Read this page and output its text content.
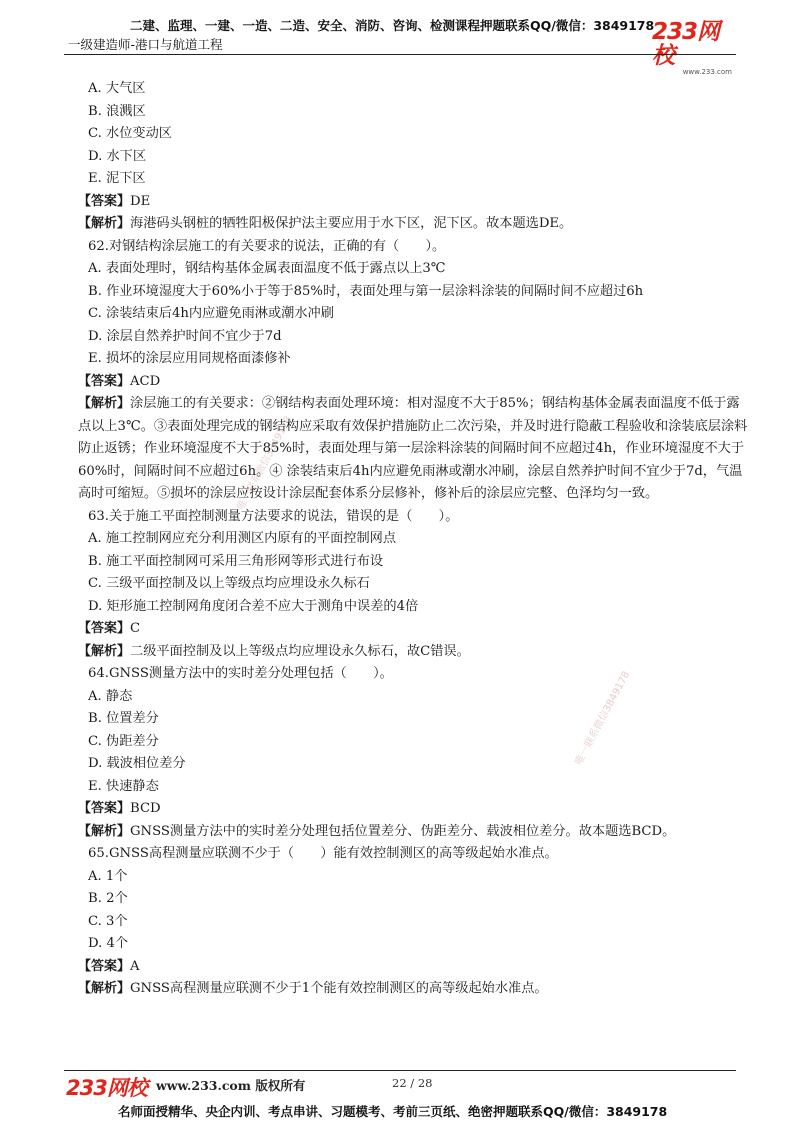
二建、监理、一建、一造、二造、安全、消防、咨询、检测课程押题联系QQ/微信：3849178
一级建造师-港口与航道工程	233网校
www.233.com
唯一联系微信3849178
唯一联系微信3849178
A. 大气区
B. 浪溅区
C. 水位变动区
D. 水下区
E. 泥下区
【答案】DE
【解析】海港码头钢桩的牺牲阳极保护法主要应用于水下区，泥下区。故本题选DE。
62.对钢结构涂层施工的有关要求的说法，正确的有（　　）。
A. 表面处理时，钢结构基体金属表面温度不低于露点以上3℃
B. 作业环境湿度大于60%小于等于85%时，表面处理与第一层涂料涂装的间隔时间不应超过6h
C. 涂装结束后4h内应避免雨淋或潮水冲刷
D. 涂层自然养护时间不宜少于7d
E. 损坏的涂层应用同规格面漆修补
【答案】ACD
【解析】涂层施工的有关要求：②钢结构表面处理环境：相对湿度不大于85%；钢结构基体金属表面温度不低于露点以上3℃。③表面处理完成的钢结构应采取有效保护措施防止二次污染，并及时进行隐蔽工程验收和涂装底层涂料防止返锈；作业环境湿度不大于85%时，表面处理与第一层涂料涂装的间隔时间不应超过4h，作业环境湿度不大于60%时，间隔时间不应超过6h。④ 涂装结束后4h内应避免雨淋或潮水冲刷，涂层自然养护时间不宜少于7d，气温高时可缩短。⑤损坏的涂层应按设计涂层配套体系分层修补，修补后的涂层应完整、色泽均匀一致。
63.关于施工平面控制测量方法要求的说法，错误的是（　　）。
A. 施工控制网应充分利用测区内原有的平面控制网点
B. 施工平面控制网可采用三角形网等形式进行布设
C. 三级平面控制及以上等级点均应埋设永久标石
D. 矩形施工控制网角度闭合差不应大于测角中误差的4倍
【答案】C
【解析】二级平面控制及以上等级点均应埋设永久标石，故C错误。
64.GNSS测量方法中的实时差分处理包括（　　）。
A. 静态
B. 位置差分
C. 伪距差分
D. 载波相位差分
E. 快速静态
【答案】BCD
【解析】GNSS测量方法中的实时差分处理包括位置差分、伪距差分、载波相位差分。故本题选BCD。
65.GNSS高程测量应联测不少于（　　）能有效控制测区的高等级起始水准点。
A. 1个
B. 2个
C. 3个
D. 4个
【答案】A
【解析】GNSS高程测量应联测不少于1个能有效控制测区的高等级起始水准点。
233网校 www.233.com 版权所有	22 / 28
名师面授精华、央企内训、考点串讲、习题模考、考前三页纸、绝密押题联系QQ/微信：3849178
